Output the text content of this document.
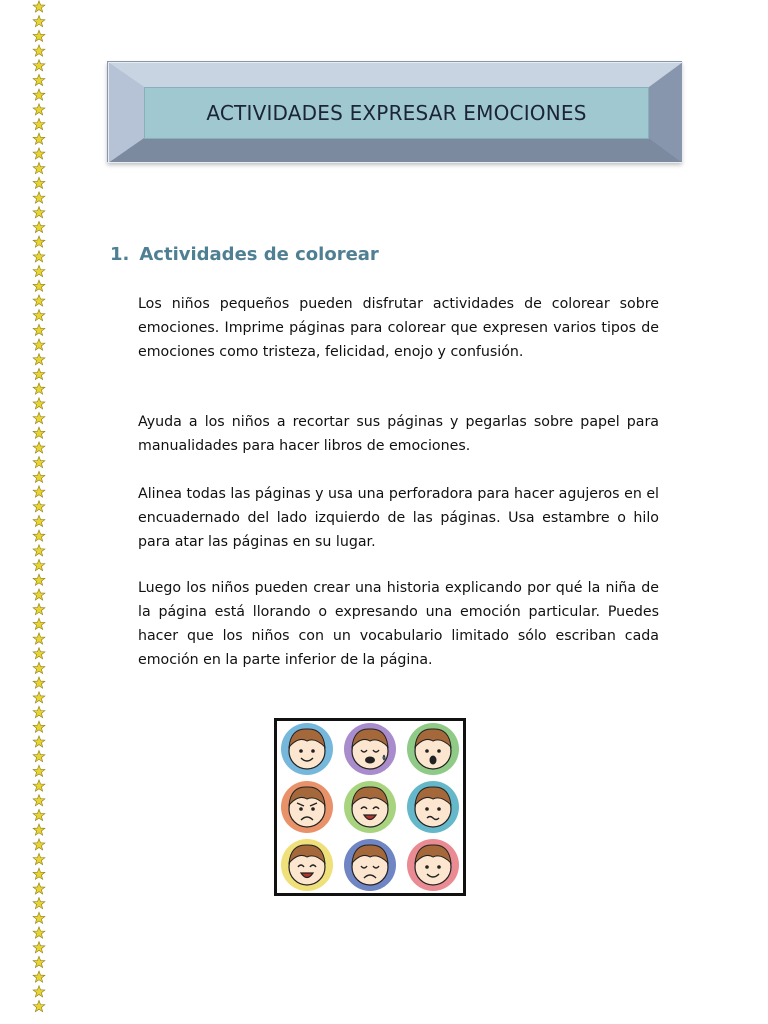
ACTIVIDADES EXPRESAR EMOCIONES
1. Actividades de colorear

Los niños pequeños pueden disfrutar actividades de colorear sobre emociones. Imprime páginas para colorear que expresen varios tipos de emociones como tristeza, felicidad, enojo y confusión.

Ayuda a los niños a recortar sus páginas y pegarlas sobre papel para manualidades para hacer libros de emociones.

Alinea todas las páginas y usa una perforadora para hacer agujeros en el encuadernado del lado izquierdo de las páginas. Usa estambre o hilo para atar las páginas en su lugar.

Luego los niños pueden crear una historia explicando por qué la niña de la página está llorando o expresando una emoción particular. Puedes hacer que los niños con un vocabulario limitado sólo escriban cada emoción en la parte inferior de la página.
